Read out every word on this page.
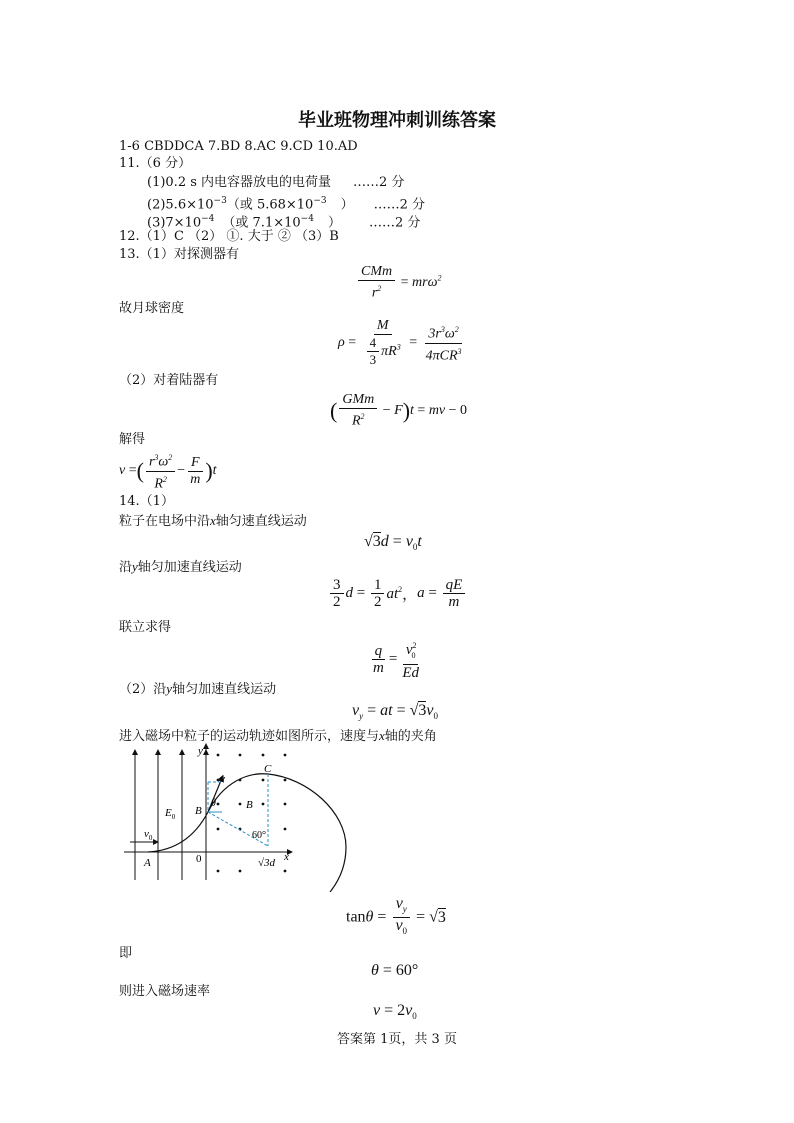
毕业班物理冲刺训练答案
1-6 CBDDCA 7.BD 8.AC 9.CD 10.AD
11.（6 分）
(1)0.2 s 内电容器放电的电荷量 ……2 分
$(2)5.6\times 10^{-3}$（或 $5.68\times 10^{-3}$ ） ……2 分
$(3)7\times 10^{-4}$ （或 $7.1\times 10^{-4}$ ） ……2 分
12.（1）C （2） ①. 大于 ② （3）B
13.（1）对探测器有
$\frac{\text{CMm}}{r^2} = mr\omega^2$
故月球密度
$\rho = \frac{M}{\frac{4}{3} \pi R^3} = \frac{3r^3\omega^2}{4\pi CR^3}$
（2）对着陆器有
( $\frac{\text{GMm}}{R^2} - F)t$ = mv − 0
解得
v =( $\frac{r^3\omega^2}{R^2} - \frac{F}{m} )t$
14.（1）
粒子在电场中沿x轴匀速直线运动
$√3d = v_0t$
沿y轴匀加速直线运动
$\frac{3}{2}$ $d = \frac{1}{2} at^2$，$a = \frac{qE}{m}$
联立求得
$\frac{q}{m} = \frac{v^2_0}{Ed}$
（2）沿y轴匀加速直线运动
$v_y$ = at = $√3v_0$
进入磁场中粒子的运动轨迹如图所示，速度与x轴的夹角
y
v
C
B	B
$E_0$
θ
60°
$v_0$
A	0	√3d x
$\tan\theta = \frac{v_y}{v_0} = √3$
即
θ = 60°
则进入磁场速率
$v = 2v_0$
答案第 1页，共 3 页
